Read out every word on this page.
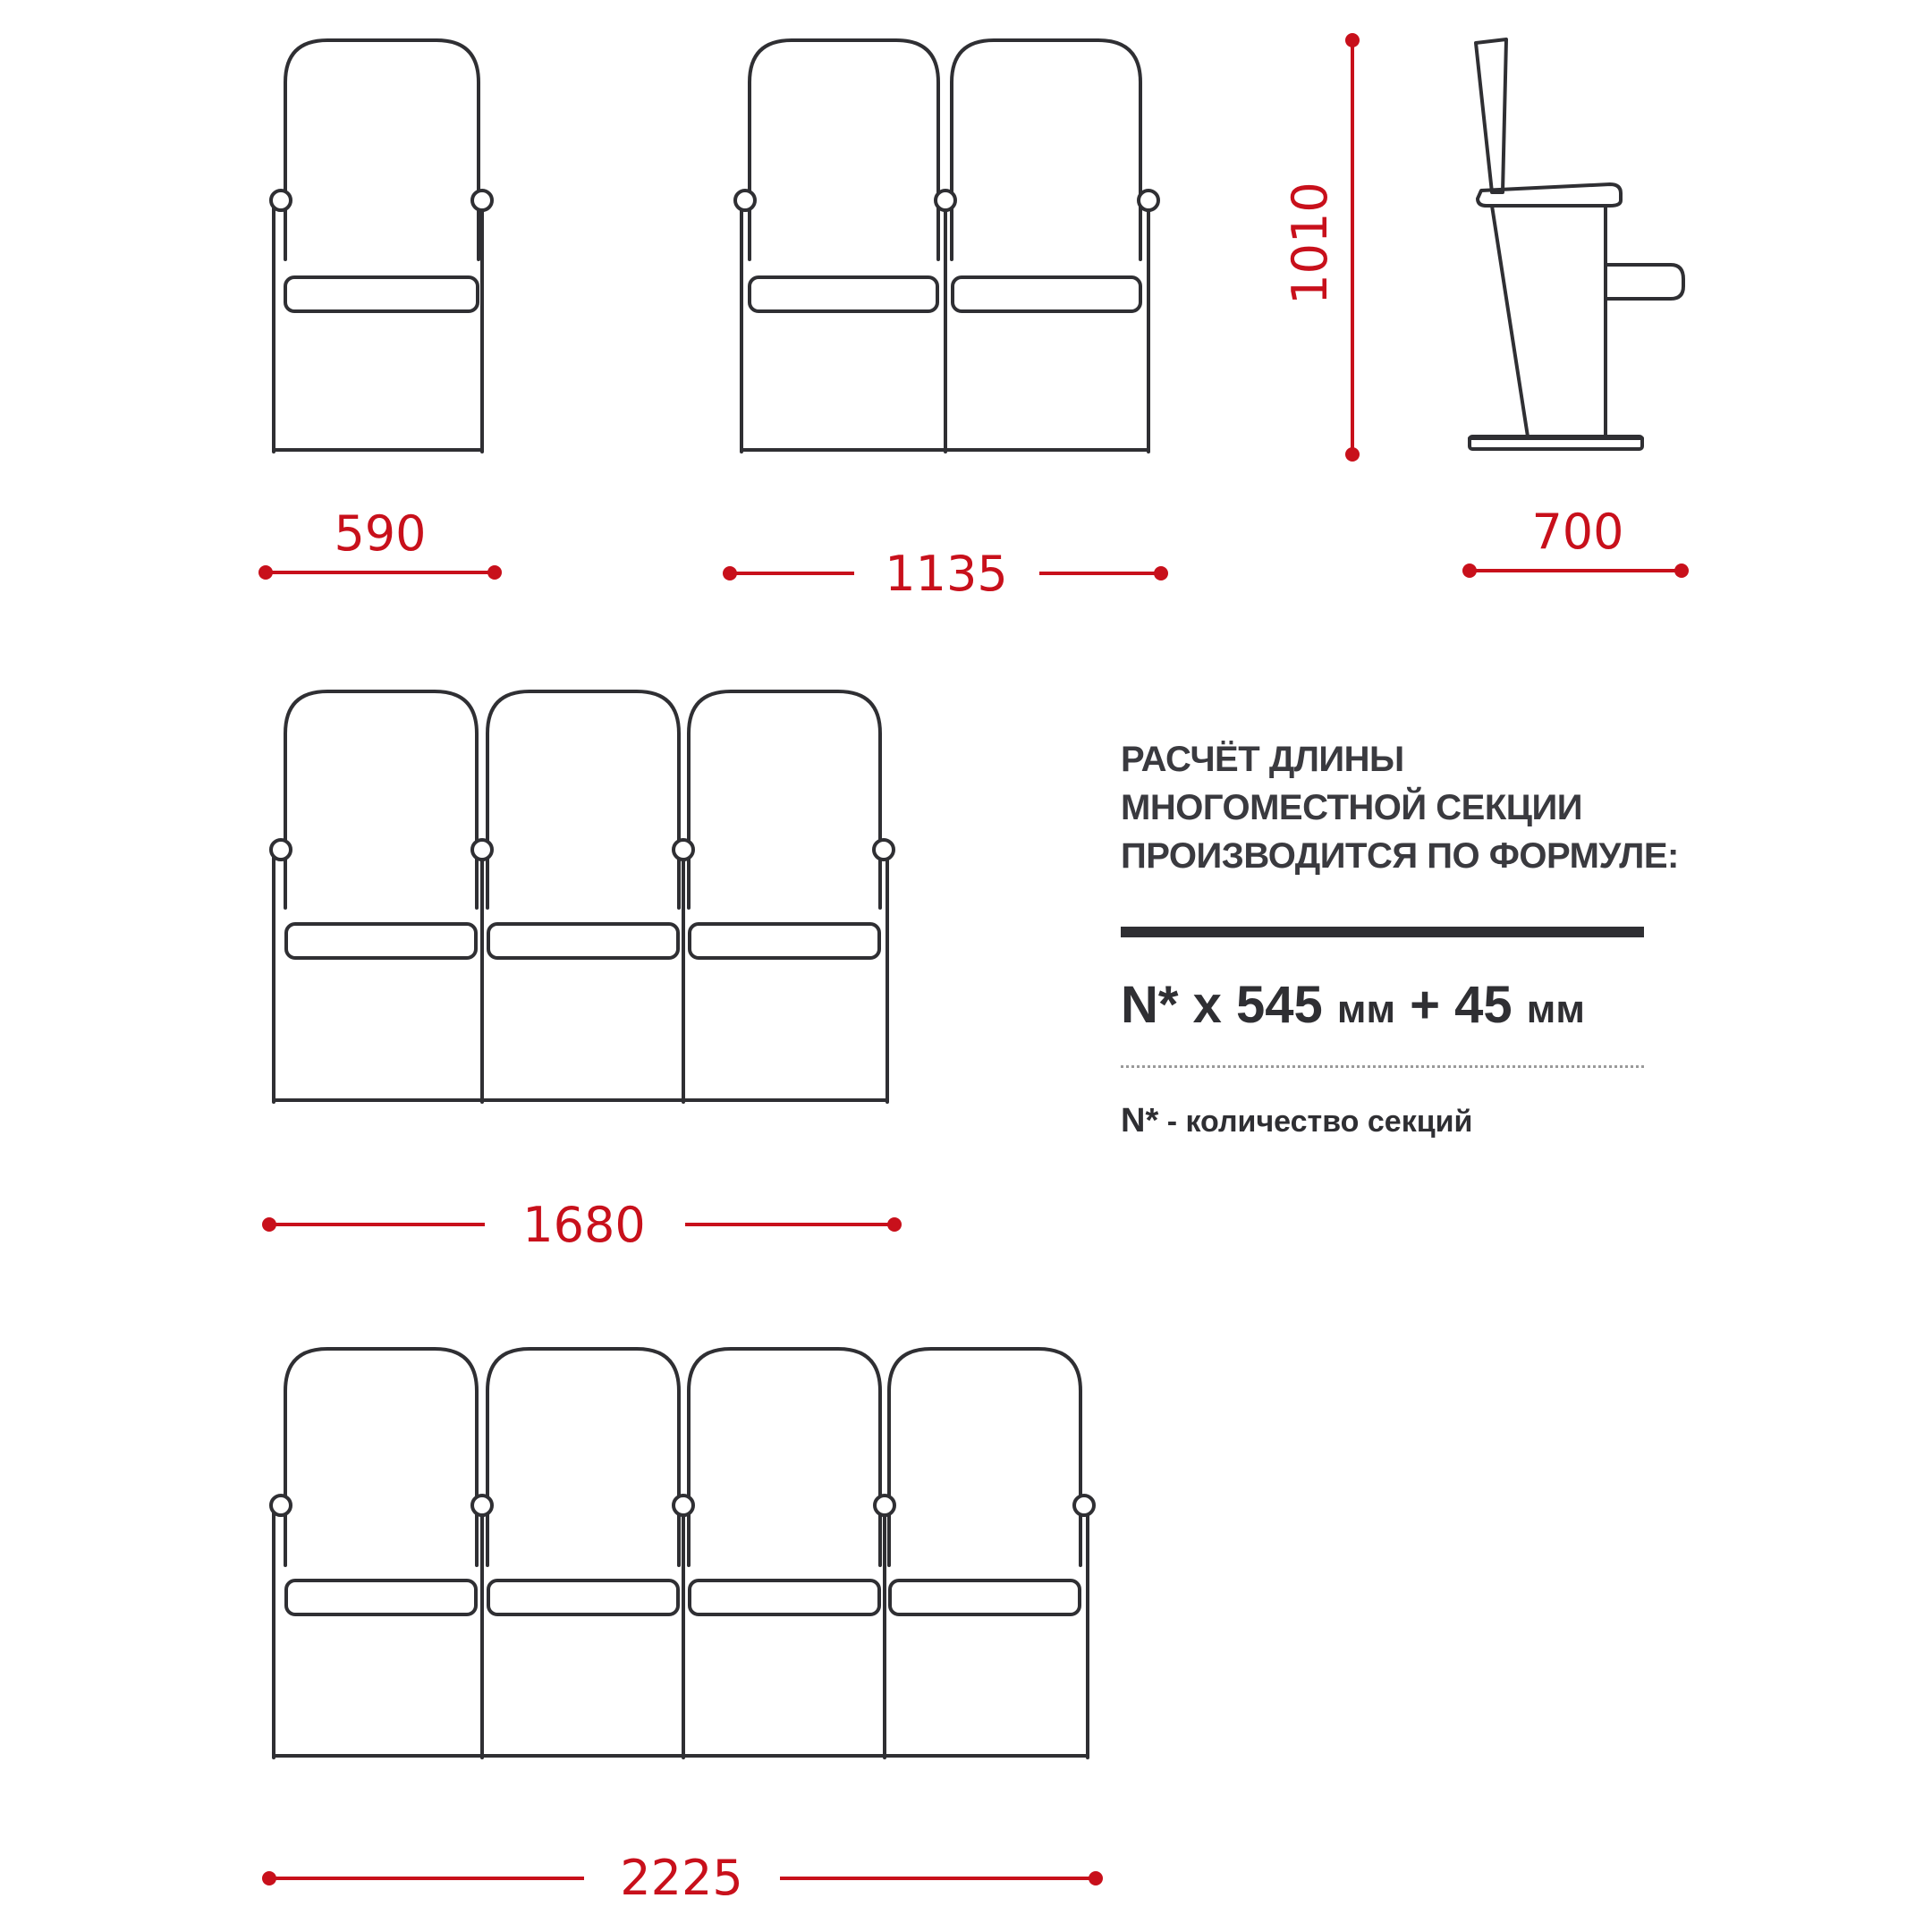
590
1135
1010
700
1680
2225
РАСЧЁТ ДЛИНЫ
МНОГОМЕСТНОЙ СЕКЦИИ
ПРОИЗВОДИТСЯ ПО ФОРМУЛЕ:
N* x 545 мм + 45 мм
N* - количество секций
